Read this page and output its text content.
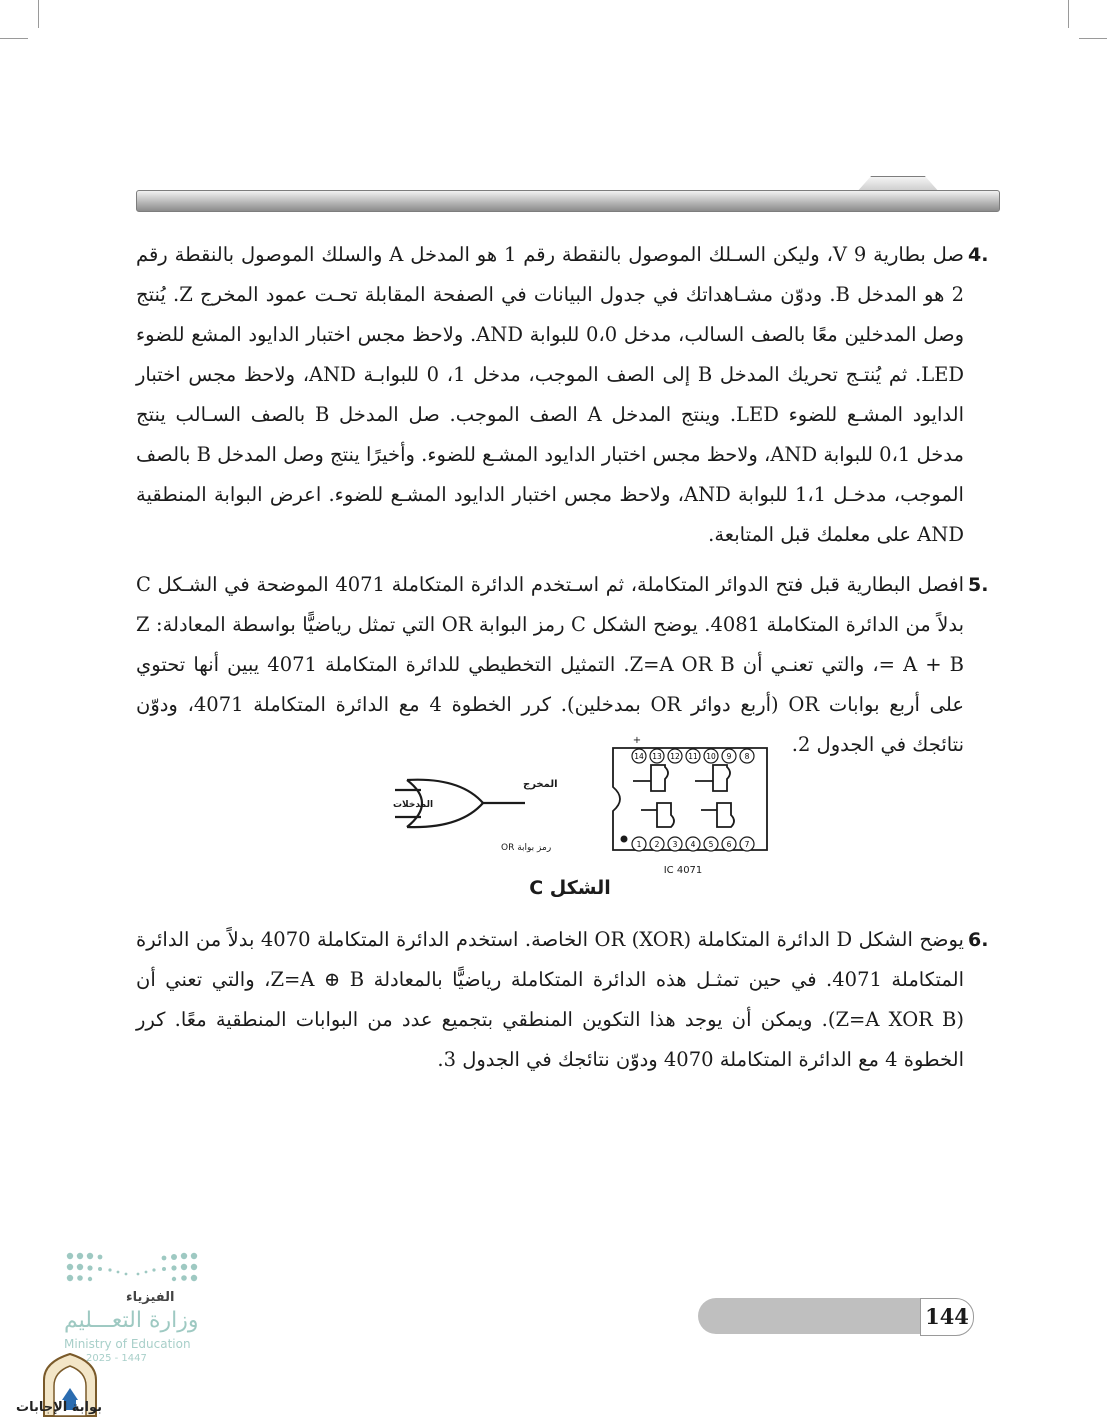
4.
صل بطارية 9 V، وليكن السـلك الموصول بالنقطة رقم 1 هو المدخل A والسلك الموصول بالنقطة رقم 2 هو المدخل B. ودوّن مشـاهداتك في جدول البيانات في الصفحة المقابلة تحـت عمود المخرج Z. يُنتج وصل المدخلين معًا بالصف السالب، مدخل 0،0 للبوابة AND. ولاحظ مجس اختبار الدايود المشع للضوء LED. ثم يُنتـج تحريك المدخل B إلى الصف الموجب، مدخل 1، 0 للبوابـة AND، ولاحظ مجس اختبار الدايود المشـع للضوء LED. وينتج المدخل A الصف الموجب. صل المدخل B بالصف السـالب ينتج مدخل 0،1 للبوابة AND، ولاحظ مجس اختبار الدايود المشـع للضوء. وأخيرًا ينتج وصل المدخل B بالصف الموجب، مدخـل 1،1 للبوابة AND، ولاحظ مجس اختبار الدايود المشـع للضوء. اعرض البوابة المنطقية AND على معلمك قبل المتابعة.
5.
افصل البطارية قبل فتح الدوائر المتكاملة، ثم اسـتخدم الدائرة المتكاملة 4071 الموضحة في الشـكل C بدلاً من الدائرة المتكاملة 4081. يوضح الشكل C رمز البوابة OR التي تمثل رياضيًّا بواسطة المعادلة: Z = A + B، والتي تعنـي أن Z=A OR B. التمثيل التخطيطي للدائرة المتكاملة 4071 يبين أنها تحتوي على أربع بوابات OR (أربع دوائر OR بمدخلين). كرر الخطوة 4 مع الدائرة المتكاملة 4071، ودوّن نتائجك في الجدول 2.
المخرج
المدخلات
رمز بوابة OR
+
14 13 12 11 10 9 8
1 2 3 4 5 6 7
4071 IC
الشكل C
6.
يوضح الشكل D الدائرة المتكاملة OR (XOR) الخاصة. استخدم الدائرة المتكاملة 4070 بدلاً من الدائرة المتكاملة 4071. في حين تمثـل هذه الدائرة المتكاملة رياضيًّا بالمعادلة Z=A ⊕ B، والتي تعني أن (Z=A XOR B). ويمكن أن يوجد هذا التكوين المنطقي بتجميع عدد من البوابات المنطقية معًا. كرر الخطوة 4 مع الدائرة المتكاملة 4070 ودوّن نتائجك في الجدول 3.
الفيزياء
وزارة التعـــليم
Ministry of Education
2025 - 1447
بوابة الإجابات
144
